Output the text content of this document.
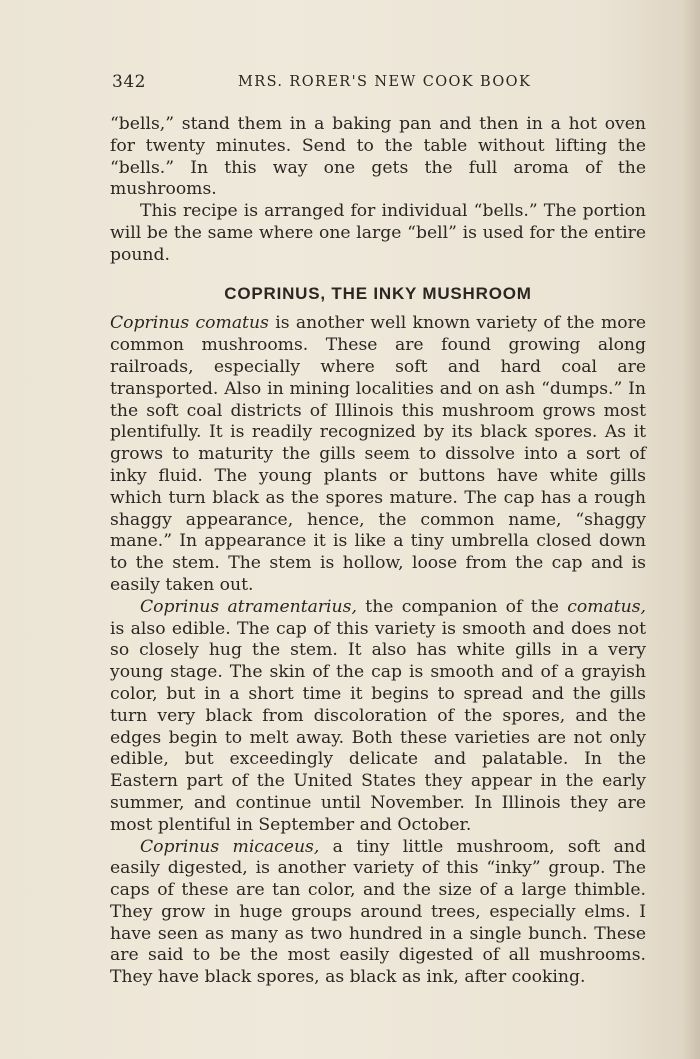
342	MRS. RORER'S NEW COOK BOOK

“bells,” stand them in a baking pan and then in a hot oven for twenty minutes. Send to the table without lifting the “bells.” In this way one gets the full aroma of the mushrooms.

This recipe is arranged for individual “bells.” The portion will be the same where one large “bell” is used for the entire pound.

COPRINUS, THE INKY MUSHROOM

Coprinus comatus is another well known variety of the more common mushrooms. These are found growing along railroads, especially where soft and hard coal are transported. Also in mining localities and on ash “dumps.” In the soft coal districts of Illinois this mushroom grows most plentifully. It is readily recognized by its black spores. As it grows to maturity the gills seem to dissolve into a sort of inky fluid. The young plants or buttons have white gills which turn black as the spores mature. The cap has a rough shaggy appearance, hence, the common name, “shaggy mane.” In appearance it is like a tiny umbrella closed down to the stem. The stem is hollow, loose from the cap and is easily taken out.

Coprinus atramentarius, the companion of the comatus, is also edible. The cap of this variety is smooth and does not so closely hug the stem. It also has white gills in a very young stage. The skin of the cap is smooth and of a grayish color, but in a short time it begins to spread and the gills turn very black from discoloration of the spores, and the edges begin to melt away. Both these varieties are not only edible, but exceedingly delicate and palatable. In the Eastern part of the United States they appear in the early summer, and continue until November. In Illinois they are most plentiful in September and October.

Coprinus micaceus, a tiny little mushroom, soft and easily digested, is another variety of this “inky” group. The caps of these are tan color, and the size of a large thimble. They grow in huge groups around trees, especially elms. I have seen as many as two hundred in a single bunch. These are said to be the most easily digested of all mushrooms. They have black spores, as black as ink, after cooking.
